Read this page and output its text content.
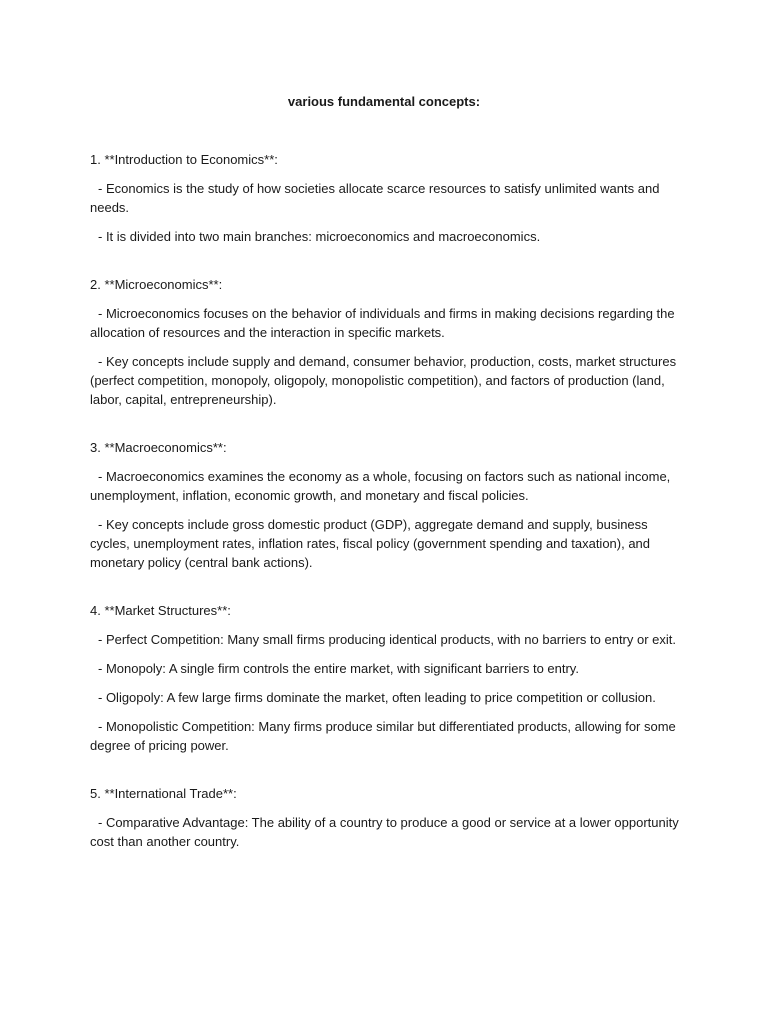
various fundamental concepts:
1. **Introduction to Economics**:
- Economics is the study of how societies allocate scarce resources to satisfy unlimited wants and needs.
- It is divided into two main branches: microeconomics and macroeconomics.
2. **Microeconomics**:
- Microeconomics focuses on the behavior of individuals and firms in making decisions regarding the allocation of resources and the interaction in specific markets.
- Key concepts include supply and demand, consumer behavior, production, costs, market structures (perfect competition, monopoly, oligopoly, monopolistic competition), and factors of production (land, labor, capital, entrepreneurship).
3. **Macroeconomics**:
- Macroeconomics examines the economy as a whole, focusing on factors such as national income, unemployment, inflation, economic growth, and monetary and fiscal policies.
- Key concepts include gross domestic product (GDP), aggregate demand and supply, business cycles, unemployment rates, inflation rates, fiscal policy (government spending and taxation), and monetary policy (central bank actions).
4. **Market Structures**:
- Perfect Competition: Many small firms producing identical products, with no barriers to entry or exit.
- Monopoly: A single firm controls the entire market, with significant barriers to entry.
- Oligopoly: A few large firms dominate the market, often leading to price competition or collusion.
- Monopolistic Competition: Many firms produce similar but differentiated products, allowing for some degree of pricing power.
5. **International Trade**:
- Comparative Advantage: The ability of a country to produce a good or service at a lower opportunity cost than another country.
